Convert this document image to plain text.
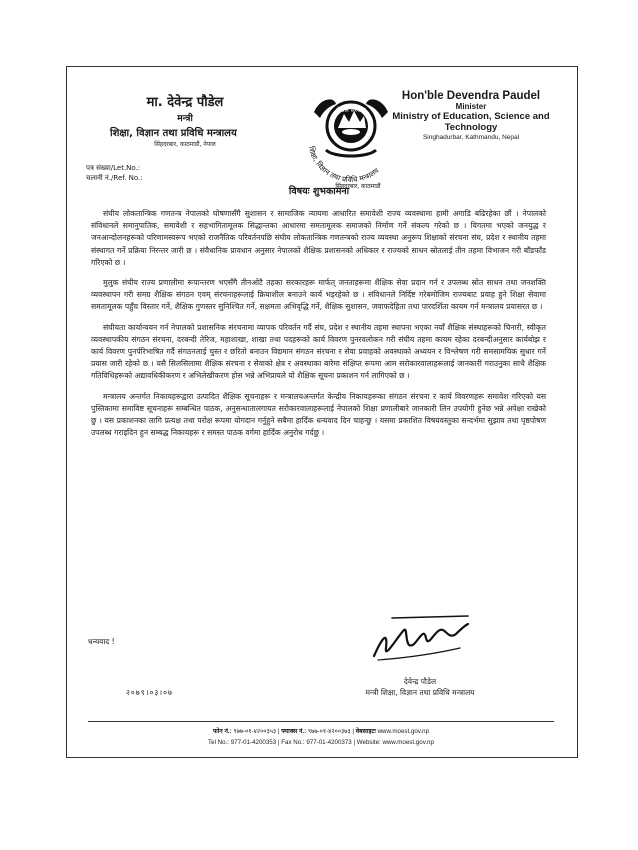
मा. देवेन्द्र पौडेल
मन्त्री
शिक्षा, विज्ञान तथा प्रविधि मन्त्रालय
सिंहदरबार, काठमाडौं, नेपाल
नेपाल सरकार
शिक्षा, विज्ञान तथा प्रविधि मन्त्रालय
सिंहदरबार, काठमाडौं
Hon'ble Devendra Paudel
Minister
Ministry of Education, Science and Technology
Singhadurbar, Kathmandu, Nepal
पत्र संख्या/Let.No.:
चलानी नं./Ref. No.:
विषयः शुभकामना

संघीय लोकतान्त्रिक गणतन्त्र नेपालको घोषणासँगै सुशासन र सामाजिक न्यायमा आधारित समावेशी राज्य व्यवस्थामा हामी अगाडि बढिरहेका छौं । नेपालको संविधानले समानुपातिक, समावेशी र सहभागितामूलक सिद्धान्तका आधारमा समतामूलक समाजको निर्माण गर्ने संकल्प गरेको छ । विगतमा भएको जनयुद्ध र जनआन्दोलनहरूको परिणामस्वरूप भएको राजनैतिक परिवर्तनपछि संघीय लोकतान्त्रिक गणतन्त्रको राज्य व्यवस्था अनुरूप शिक्षाको संरचना संघ, प्रदेश र स्थानीय तहमा संस्थागत गर्ने प्रक्रिया निरन्तर जारी छ । संवैधानिक प्रावधान अनुसार नेपालको शैक्षिक प्रशासनको अधिकार र राज्यको साधन स्रोतलाई तीन तहमा विभाजन गरी बाँडफाँड गरिएको छ ।

मुलुक संघीय राज्य प्रणालीमा रूपान्तरण भएसँगै तीनओटै तहका सरकारहरू मार्फत् जनताहरूमा शैक्षिक सेवा प्रदान गर्न र उपलब्ध स्रोत साधन तथा जनशक्ति व्यवस्थापन गरी समग्र शैक्षिक संगठन एवम् संरचनाहरूलाई क्रियाशील बनाउने कार्य भइरहेको छ । संविधानले निर्दिष्ट गरेबमोजिम राज्यबाट प्रवाह हुने शिक्षा सेवामा समतामूलक पहुँच विस्तार गर्ने, शैक्षिक गुणस्तर सुनिश्चित गर्ने, सक्षमता अभिवृद्धि गर्ने, शैक्षिक सुशासन, जवाफदेहिता तथा पारदर्शिता कायम गर्न मन्त्रालय प्रयासरत छ ।

संघीयता कार्यान्वयन गर्न नेपालको प्रशासनिक संरचनामा व्यापक परिवर्तन गर्दै संघ, प्रदेश र स्थानीय तहमा स्थापना भएका नयाँ शैक्षिक संस्थाहरूको चिनारी, स्वीकृत व्यवस्थापकीय संगठन संरचना, दरबन्दी तेरिज, महाशाखा, शाखा तथा पदहरूको कार्य विवरण पुनरवलोकन गरी संघीय तहमा कायम रहेका दरबन्दीअनुसार कार्यबोझ र कार्य विवरण पुनर्परिभाषित गर्दै संगठनलाई चुस्त र छरितो बनाउन विद्यमान संगठन संरचना र सेवा प्रवाहको अवस्थाको अध्ययन र विश्लेषण गरी समसामयिक सुधार गर्ने प्रयास जारी रहेको छ । यसै सिलसिलामा शैक्षिक संरचना र सेवाको क्षेत्र र अवस्थाका बारेमा संक्षिप्त रूपमा आम सरोकारवालाहरूलाई जानकारी गराउनुका साथै शैक्षिक गतिविधिहरूको अद्यावधिकीकरण र अभिलेखीकरण होस भन्ने अभिप्रायले यो शैक्षिक सूचना प्रकाशन गर्न लागिएको छ ।

मन्त्रालय अन्तर्गत निकायहरूद्वारा उत्पादित शैक्षिक सूचनाहरू र मन्त्रालयअन्तर्गत केन्द्रीय निकायहरूका संगठन संरचना र कार्य विवरणहरू समावेश गरिएको यस पुस्तिकामा समाविष्ट सूचनाहरू सम्बन्धित पाठक, अनुसन्धातालगायत सरोकारवालाहरूलाई नेपालको शिक्षा प्रणालीबारे जानकारी लिन उपयोगी हुनेछ भन्ने अपेक्षा राखेको छु । यस प्रकाशनका लागि प्रत्यक्ष तथा परोक्ष रूपमा योगदान गर्नुहुने सबैमा हार्दिक धन्यवाद दिन चाहन्छु । यसमा प्रकाशित विषयवस्तुका सन्दर्भमा सुझाव तथा पृष्ठपोषण उपलब्ध गराइदिन हुन सम्बद्ध निकायहरू र समस्त पाठक वर्गमा हार्दिक अनुरोध गर्दछु ।

धन्यवाद !
देवेन्द्र पौडेल
मन्त्री शिक्षा, विज्ञान तथा प्रविधि मन्त्रालय
२०७९।०३।०७
फोन नं.: ९७७-०१-४२००३५३ | फ्याक्स नं.: ९७७-०१-४२००३७३ | वेबसाइटः www.moest.gov.np
Tel No.: 977-01-4200353 | Fax No.: 977-01-4200373 | Website: www.moest.gov.np
